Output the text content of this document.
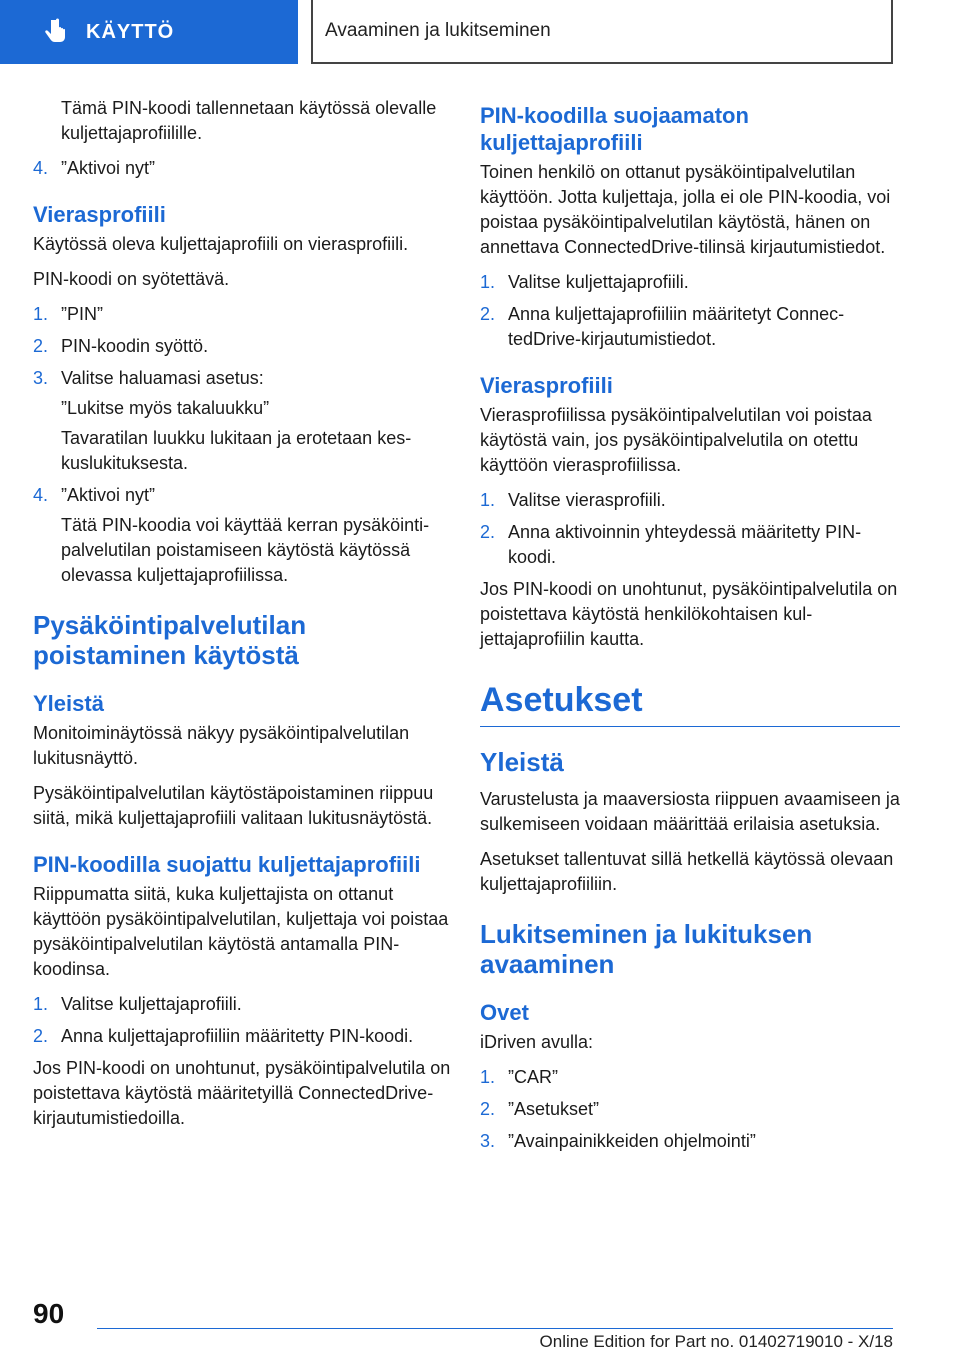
KÄYTTÖ	Avaaminen ja lukitseminen

Tämä PIN-koodi tallennetaan käytössä olevalle kuljettajaprofiilille.

4. ”Aktivoi nyt”
Vierasprofiili

Käytössä oleva kuljettajaprofiili on vierasprofiili.

PIN-koodi on syötettävä.

1. ”PIN”
2. PIN-koodin syöttö.
3. Valitse haluamasi asetus:
”Lukitse myös takaluukku”
Tavaratilan luukku lukitaan ja erotetaan keskuslukituksesta.
4. ”Aktivoi nyt”
Tätä PIN-koodia voi käyttää kerran pysäköintipalvelutilan poistamiseen käytöstä käytössä olevassa kuljettajaprofiilissa.
Pysäköintipalvelutilan poistaminen käytöstä
Yleistä

Monitoiminäytössä näkyy pysäköintipalvelutilan lukitusnäyttö.

Pysäköintipalvelutilan käytöstäpoistaminen riippuu siitä, mikä kuljettajaprofiili valitaan lukitusnäytöstä.

PIN-koodilla suojattu kuljettajaprofiili

Riippumatta siitä, kuka kuljettajista on ottanut käyttöön pysäköintipalvelutilan, kuljettaja voi poistaa pysäköintipalvelutilan käytöstä antamalla PIN-koodinsa.

1. Valitse kuljettajaprofiili.
2. Anna kuljettajaprofiiliin määritetty PIN-koodi.

Jos PIN-koodi on unohtunut, pysäköintipalvelutila on poistettava käytöstä määritetyillä ConnectedDrive-kirjautumistiedoilla.

PIN-koodilla suojaamaton kuljettajaprofiili

Toinen henkilö on ottanut pysäköintipalvelutilan käyttöön. Jotta kuljettaja, jolla ei ole PIN-koodia, voi poistaa pysäköintipalvelutilan käytöstä, hänen on annettava ConnectedDrive-tilinsä kirjautumistiedot.

1. Valitse kuljettajaprofiili.
2. Anna kuljettajaprofiiliin määritetyt ConnectedDrive-kirjautumistiedot.
Vierasprofiili

Vierasprofiilissa pysäköintipalvelutilan voi poistaa käytöstä vain, jos pysäköintipalvelutila on otettu käyttöön vierasprofiilissa.

1. Valitse vierasprofiili.
2. Anna aktivoinnin yhteydessä määritetty PIN-koodi.

Jos PIN-koodi on unohtunut, pysäköintipalvelutila on poistettava käytöstä henkilökohtaisen kuljettajaprofiilin kautta.

Asetukset
Yleistä

Varustelusta ja maaversiosta riippuen avaamiseen ja sulkemiseen voidaan määrittää erilaisia asetuksia.

Asetukset tallentuvat sillä hetkellä käytössä olevaan kuljettajaprofiiliin.

Lukitseminen ja lukituksen avaaminen
Ovet

iDriven avulla:

1. ”CAR”
2. ”Asetukset”
3. ”Avainpainikkeiden ohjelmointi”
90
Online Edition for Part no. 01402719010 - X/18
